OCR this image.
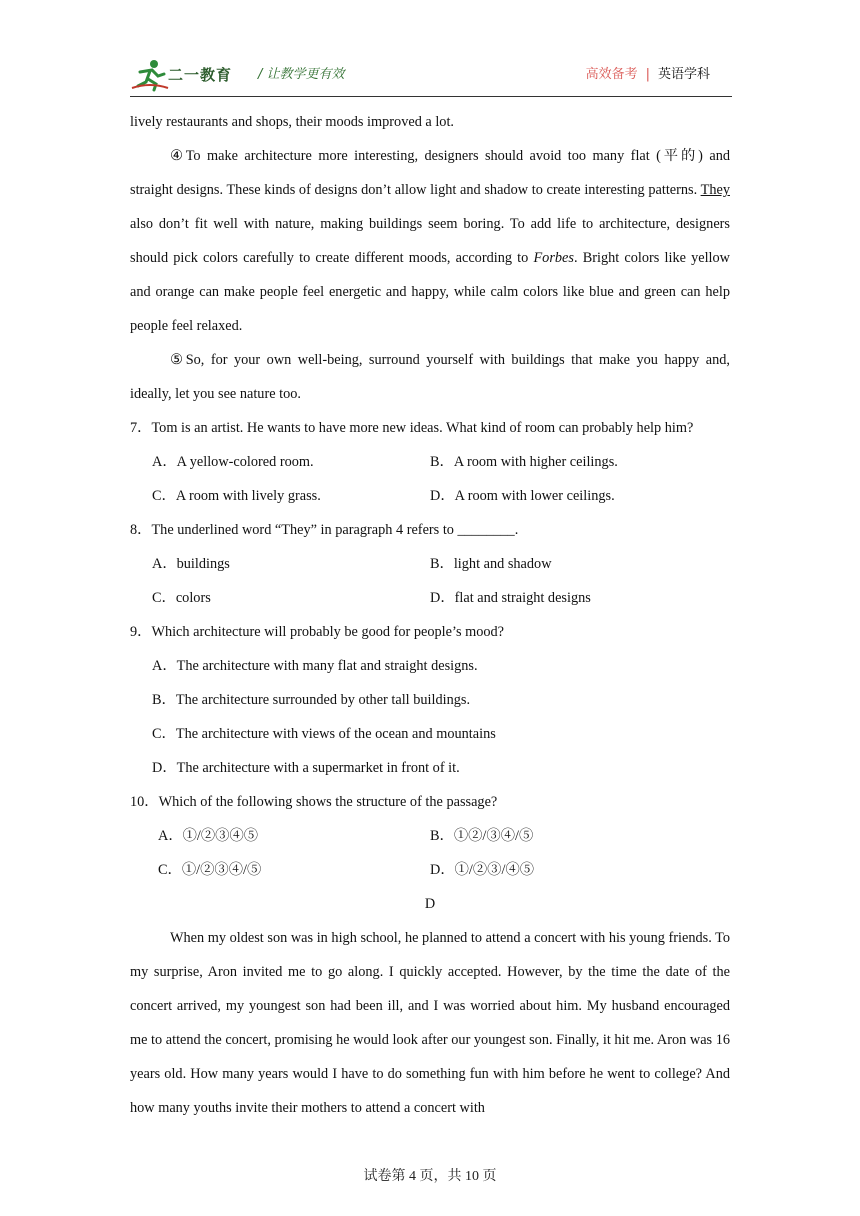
二一教育 / 让教学更有效	高效备考 | 英语学科
lively restaurants and shops, their moods improved a lot.

④To make architecture more interesting, designers should avoid too many flat (平的) and straight designs. These kinds of designs don’t allow light and shadow to create interesting patterns. They also don’t fit well with nature, making buildings seem boring. To add life to architecture, designers should pick colors carefully to create different moods, according to Forbes. Bright colors like yellow and orange can make people feel energetic and happy, while calm colors like blue and green can help people feel relaxed.

⑤So, for your own well-being, surround yourself with buildings that make you happy and, ideally, let you see nature too.

7．Tom is an artist. He wants to have more new ideas. What kind of room can probably help him?
A．A yellow-colored room.	B．A room with higher ceilings.
C．A room with lively grass.	D．A room with lower ceilings.
8．The underlined word “They” in paragraph 4 refers to ________.
A．buildings	B．light and shadow
C．colors	D．flat and straight designs
9．Which architecture will probably be good for people’s mood?
A．The architecture with many flat and straight designs.
B．The architecture surrounded by other tall buildings.
C．The architecture with views of the ocean and mountains
D．The architecture with a supermarket in front of it.
10．Which of the following shows the structure of the passage?
A．①/②③④⑤	B．①②/③④/⑤
C．①/②③④/⑤	D．①/②③/④⑤
D

When my oldest son was in high school, he planned to attend a concert with his young friends. To my surprise, Aron invited me to go along. I quickly accepted. However, by the time the date of the concert arrived, my youngest son had been ill, and I was worried about him. My husband encouraged me to attend the concert, promising he would look after our youngest son. Finally, it hit me. Aron was 16 years old. How many years would I have to do something fun with him before he went to college? And how many youths invite their mothers to attend a concert with

试卷第 4 页，共 10 页
